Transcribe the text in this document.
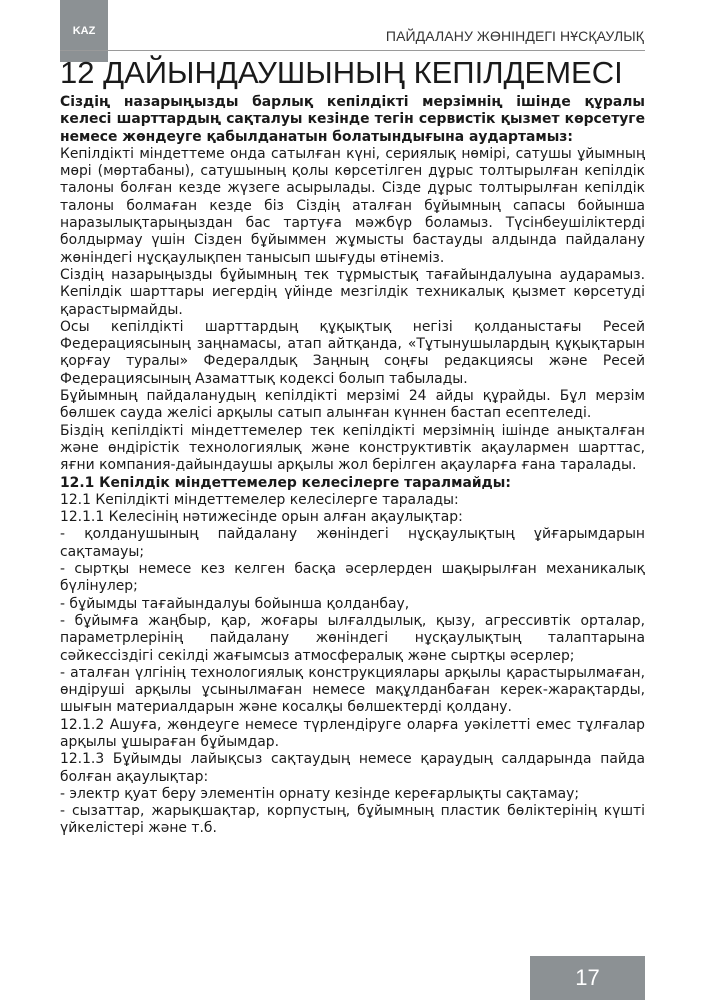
KAZ	ПАЙДАЛАНУ ЖӨНІНДЕГІ НҰСҚАУЛЫҚ
12 ДАЙЫНДАУШЫНЫҢ КЕПІЛДЕМЕСІ

Сіздің назарыңызды барлық кепілдікті мерзімнің ішінде құралы келесі шарттардың сақталуы кезінде тегін сервистік қызмет көрсетуге немесе жөндеуге қабылданатын болатындығына аудартамыз:

Кепілдікті міндеттеме онда сатылған күні, сериялық нөмірі, сатушы ұйымның мөрі (мөртабаны), сатушының қолы көрсетілген дұрыс толтырылған кепілдік талоны болған кезде жүзеге асырылады. Сізде дұрыс толтырылған кепілдік талоны болмаған кезде біз Сіздің аталған бұйымның сапасы бойынша наразылықтарыңыздан бас тартуға мәжбүр боламыз. Түсінбеушіліктерді болдырмау үшін Сізден бұйыммен жұмысты бастауды алдында пайдалану жөніндегі нұсқаулықпен танысып шығуды өтінеміз.

Сіздің назарыңызды бұйымның тек тұрмыстық тағайындалуына аударамыз. Кепілдік шарттары иегердің үйінде мезгілдік техникалық қызмет көрсетуді қарастырмайды.

Осы кепілдікті шарттардың құқықтық негізі қолданыстағы Ресей Федерациясының заңнамасы, атап айтқанда, «Тұтынушылардың құқықтарын қорғау туралы» Федералдық Заңның соңғы редакциясы және Ресей Федерациясының Азаматтық кодексі болып табылады.

Бұйымның пайдаланудың кепілдікті мерзімі 24 айды құрайды. Бұл мерзім бөлшек сауда желісі арқылы сатып алынған күннен бастап есептеледі.

Біздің кепілдікті міндеттемелер тек кепілдікті мерзімнің ішінде анықталған және өндірістік технологиялық және конструктивтік ақаулармен шарттас, яғни компания-дайындаушы арқылы жол берілген ақауларға ғана таралады.

12.1 Кепілдік міндеттемелер келесілерге таралмайды:

12.1 Кепілдікті міндеттемелер келесілерге таралады:

12.1.1 Келесінің нәтижесінде орын алған ақаулықтар:

- қолданушының пайдалану жөніндегі нұсқаулықтың ұйғарымдарын сақтамауы;

- сыртқы немесе кез келген басқа әсерлерден шақырылған механикалық бүлінулер;

- бұйымды тағайындалуы бойынша қолданбау,

- бұйымға жаңбыр, қар, жоғары ылғалдылық, қызу, агрессивтік орталар, параметрлерінің пайдалану жөніндегі нұсқаулықтың талаптарына сәйкессіздігі секілді жағымсыз атмосфералық және сыртқы әсерлер;

- аталған үлгінің технологиялық конструкциялары арқылы қарастырылмаған, өндіруші арқылы ұсынылмаған немесе мақұлданбаған керек-жарақтарды, шығын материалдарын және косалқы бөлшектерді қолдану.

12.1.2 Ашуға, жөндеуге немесе түрлендіруге оларға уәкілетті емес тұлғалар арқылы ұшыраған бұйымдар.

12.1.3 Бұйымды лайықсыз сақтаудың немесе қараудың салдарында пайда болған ақаулықтар:

- электр қуат беру элементін орнату кезінде кереғарлықты сақтамау;

- сызаттар, жарықшақтар, корпустың, бұйымның пластик бөліктерінің күшті үйкелістері және т.б.

17
